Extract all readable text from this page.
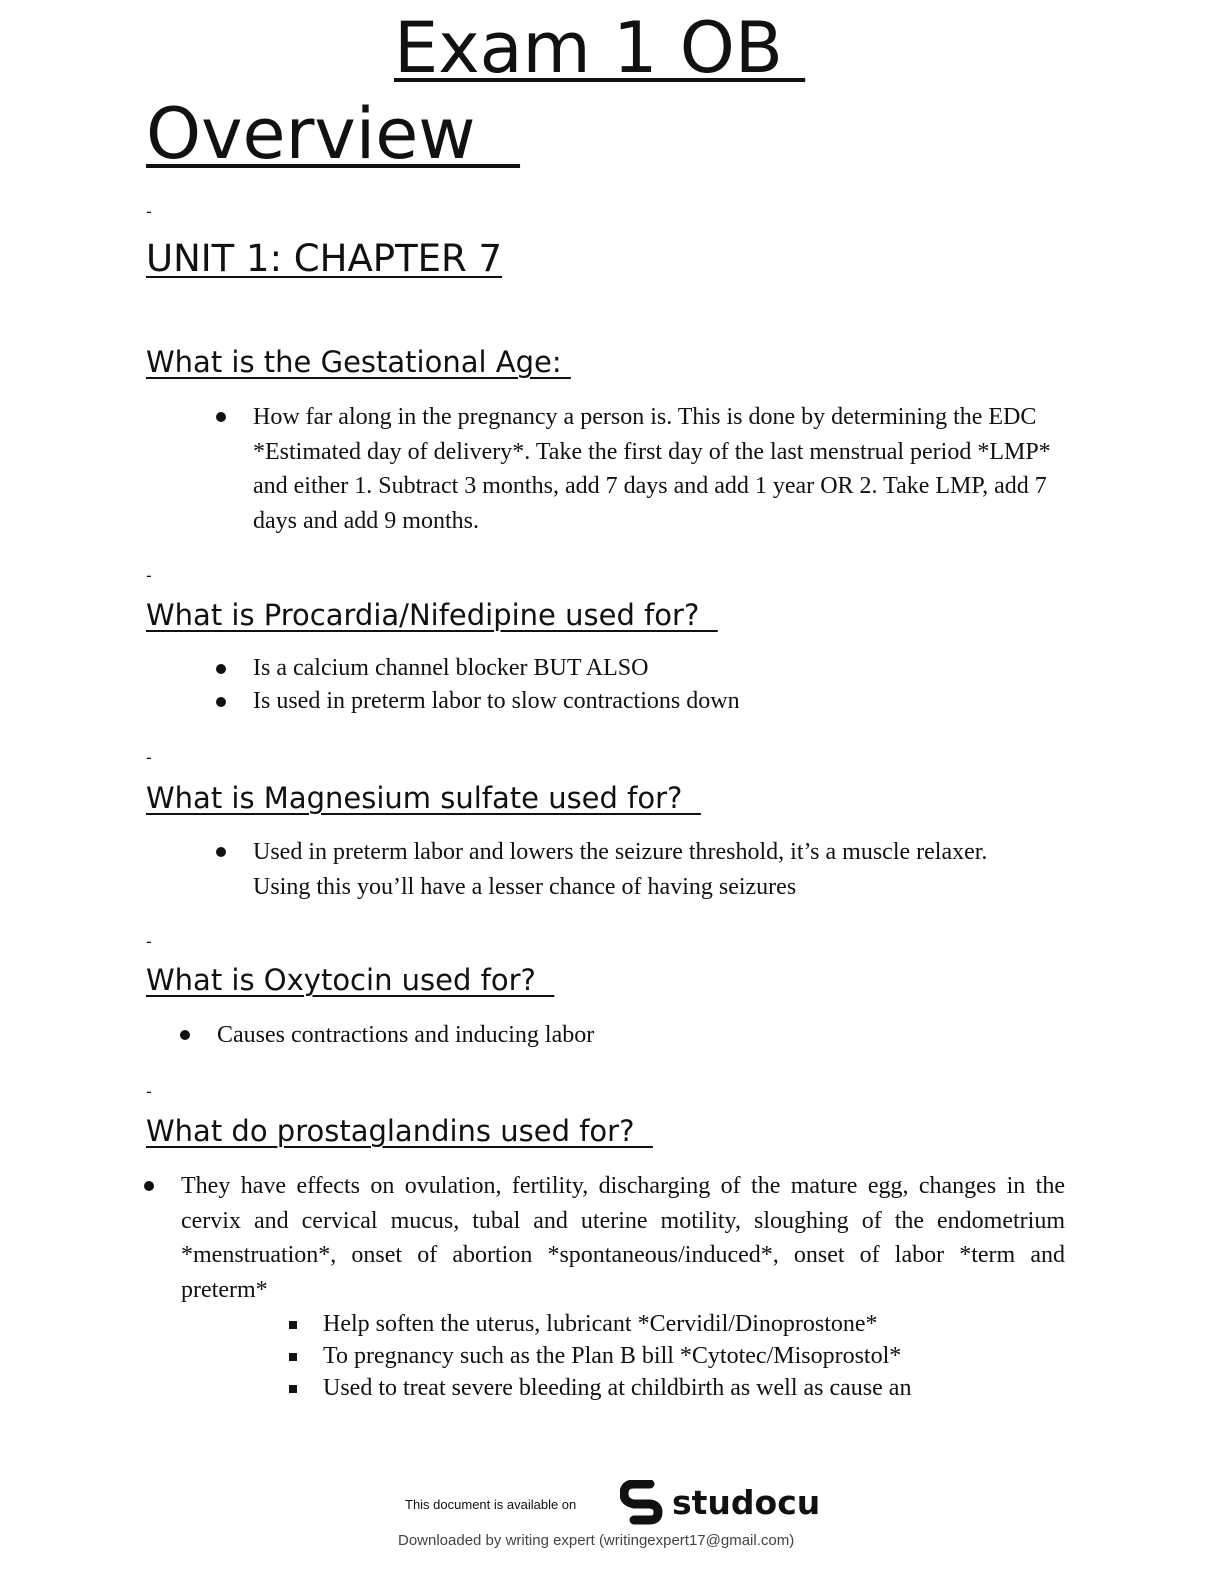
Exam 1 OB
Overview
-
UNIT 1: CHAPTER 7
What is the Gestational Age:
How far along in the pregnancy a person is. This is done by determining the EDC *Estimated day of delivery*. Take the first day of the last menstrual period *LMP* and either 1. Subtract 3 months, add 7 days and add 1 year OR 2. Take LMP, add 7 days and add 9 months.
-
What is Procardia/Nifedipine used for?
Is a calcium channel blocker BUT ALSO
Is used in preterm labor to slow contractions down
-
What is Magnesium sulfate used for?
Used in preterm labor and lowers the seizure threshold, it’s a muscle relaxer. Using this you’ll have a lesser chance of having seizures
-
What is Oxytocin used for?
Causes contractions and inducing labor
-
What do prostaglandins used for?
They have effects on ovulation, fertility, discharging of the mature egg, changes in the cervix and cervical mucus, tubal and uterine motility, sloughing of the endometrium *menstruation*, onset of abortion *spontaneous/induced*, onset of labor *term and preterm*
Help soften the uterus, lubricant *Cervidil/Dinoprostone*
To pregnancy such as the Plan B bill *Cytotec/Misoprostol*
Used to treat severe bleeding at childbirth as well as cause an
This document is available on	studocu
Downloaded by writing expert (writingexpert17@gmail.com)
